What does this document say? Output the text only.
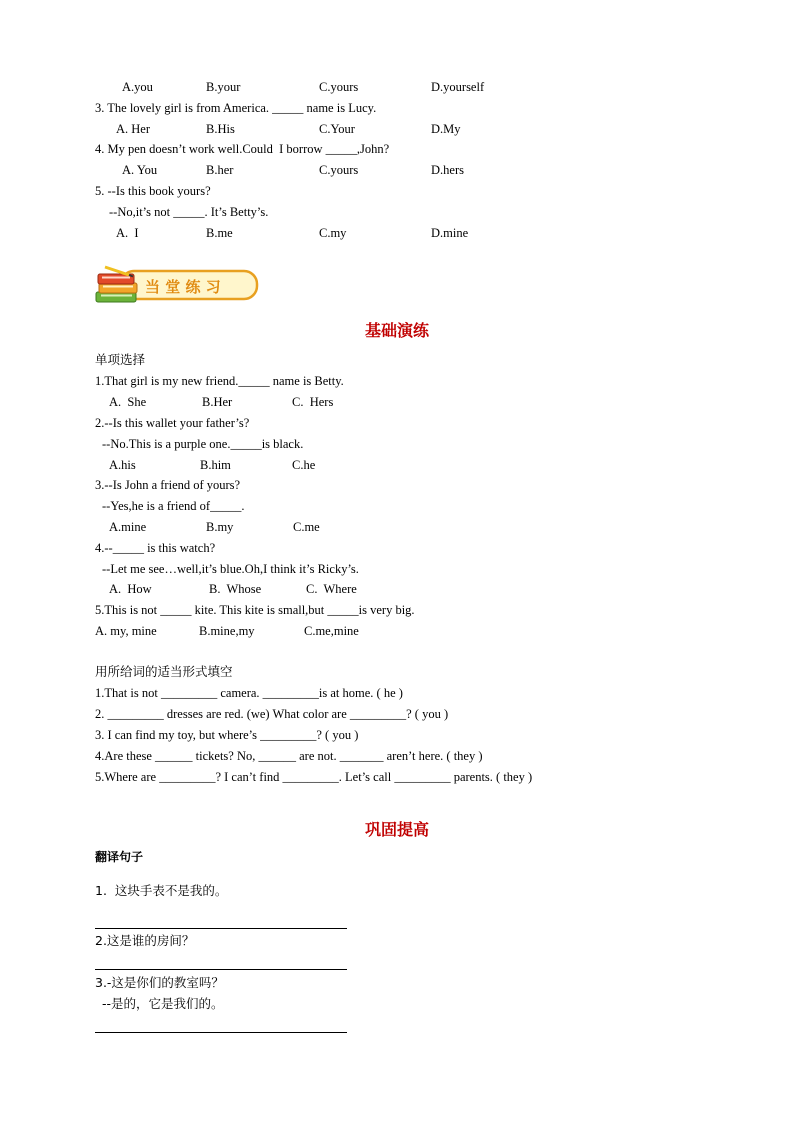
A.you	B.your	C.yours	D.yourself
3. The lovely girl is from America. _____ name is Lucy.
A. Her	B.His	C.Your	D.My
4. My pen doesn’t work well.Could  I borrow _____,John?
A. You	B.her	C.yours	D.hers
5. --Is this book yours?
--No,it’s not _____. It’s Betty’s.
A.  I	B.me	C.my	D.mine
当 堂 练 习
基础演练
单项选择
1.That girl is my new friend._____ name is Betty.
A.  She	B.Her	C.  Hers
2.--Is this wallet your father’s?
--No.This is a purple one._____is black.
A.his	B.him	C.he
3.--Is John a friend of yours?
--Yes,he is a friend of_____.
A.mine	B.my	C.me
4.--_____ is this watch?
--Let me see…well,it’s blue.Oh,I think it’s Ricky’s.
A.  How	B.  Whose	C.  Where
5.This is not _____ kite. This kite is small,but _____is very big.
A. my, mine	B.mine,my	C.me,mine
用所给词的适当形式填空
1.That is not _________ camera. _________is at home. ( he )
2. _________ dresses are red. (we) What color are _________? ( you )
3. I can find my toy, but where’s _________? ( you )
4.Are these ______ tickets? No, ______ are not. _______ aren’t here. ( they )
5.Where are _________? I can’t find _________. Let’s call _________ parents. ( they )
巩固提高
翻译句子
1.  这块手表不是我的。
2.这是谁的房间？
3.-这是你们的教室吗？
--是的，它是我们的。
